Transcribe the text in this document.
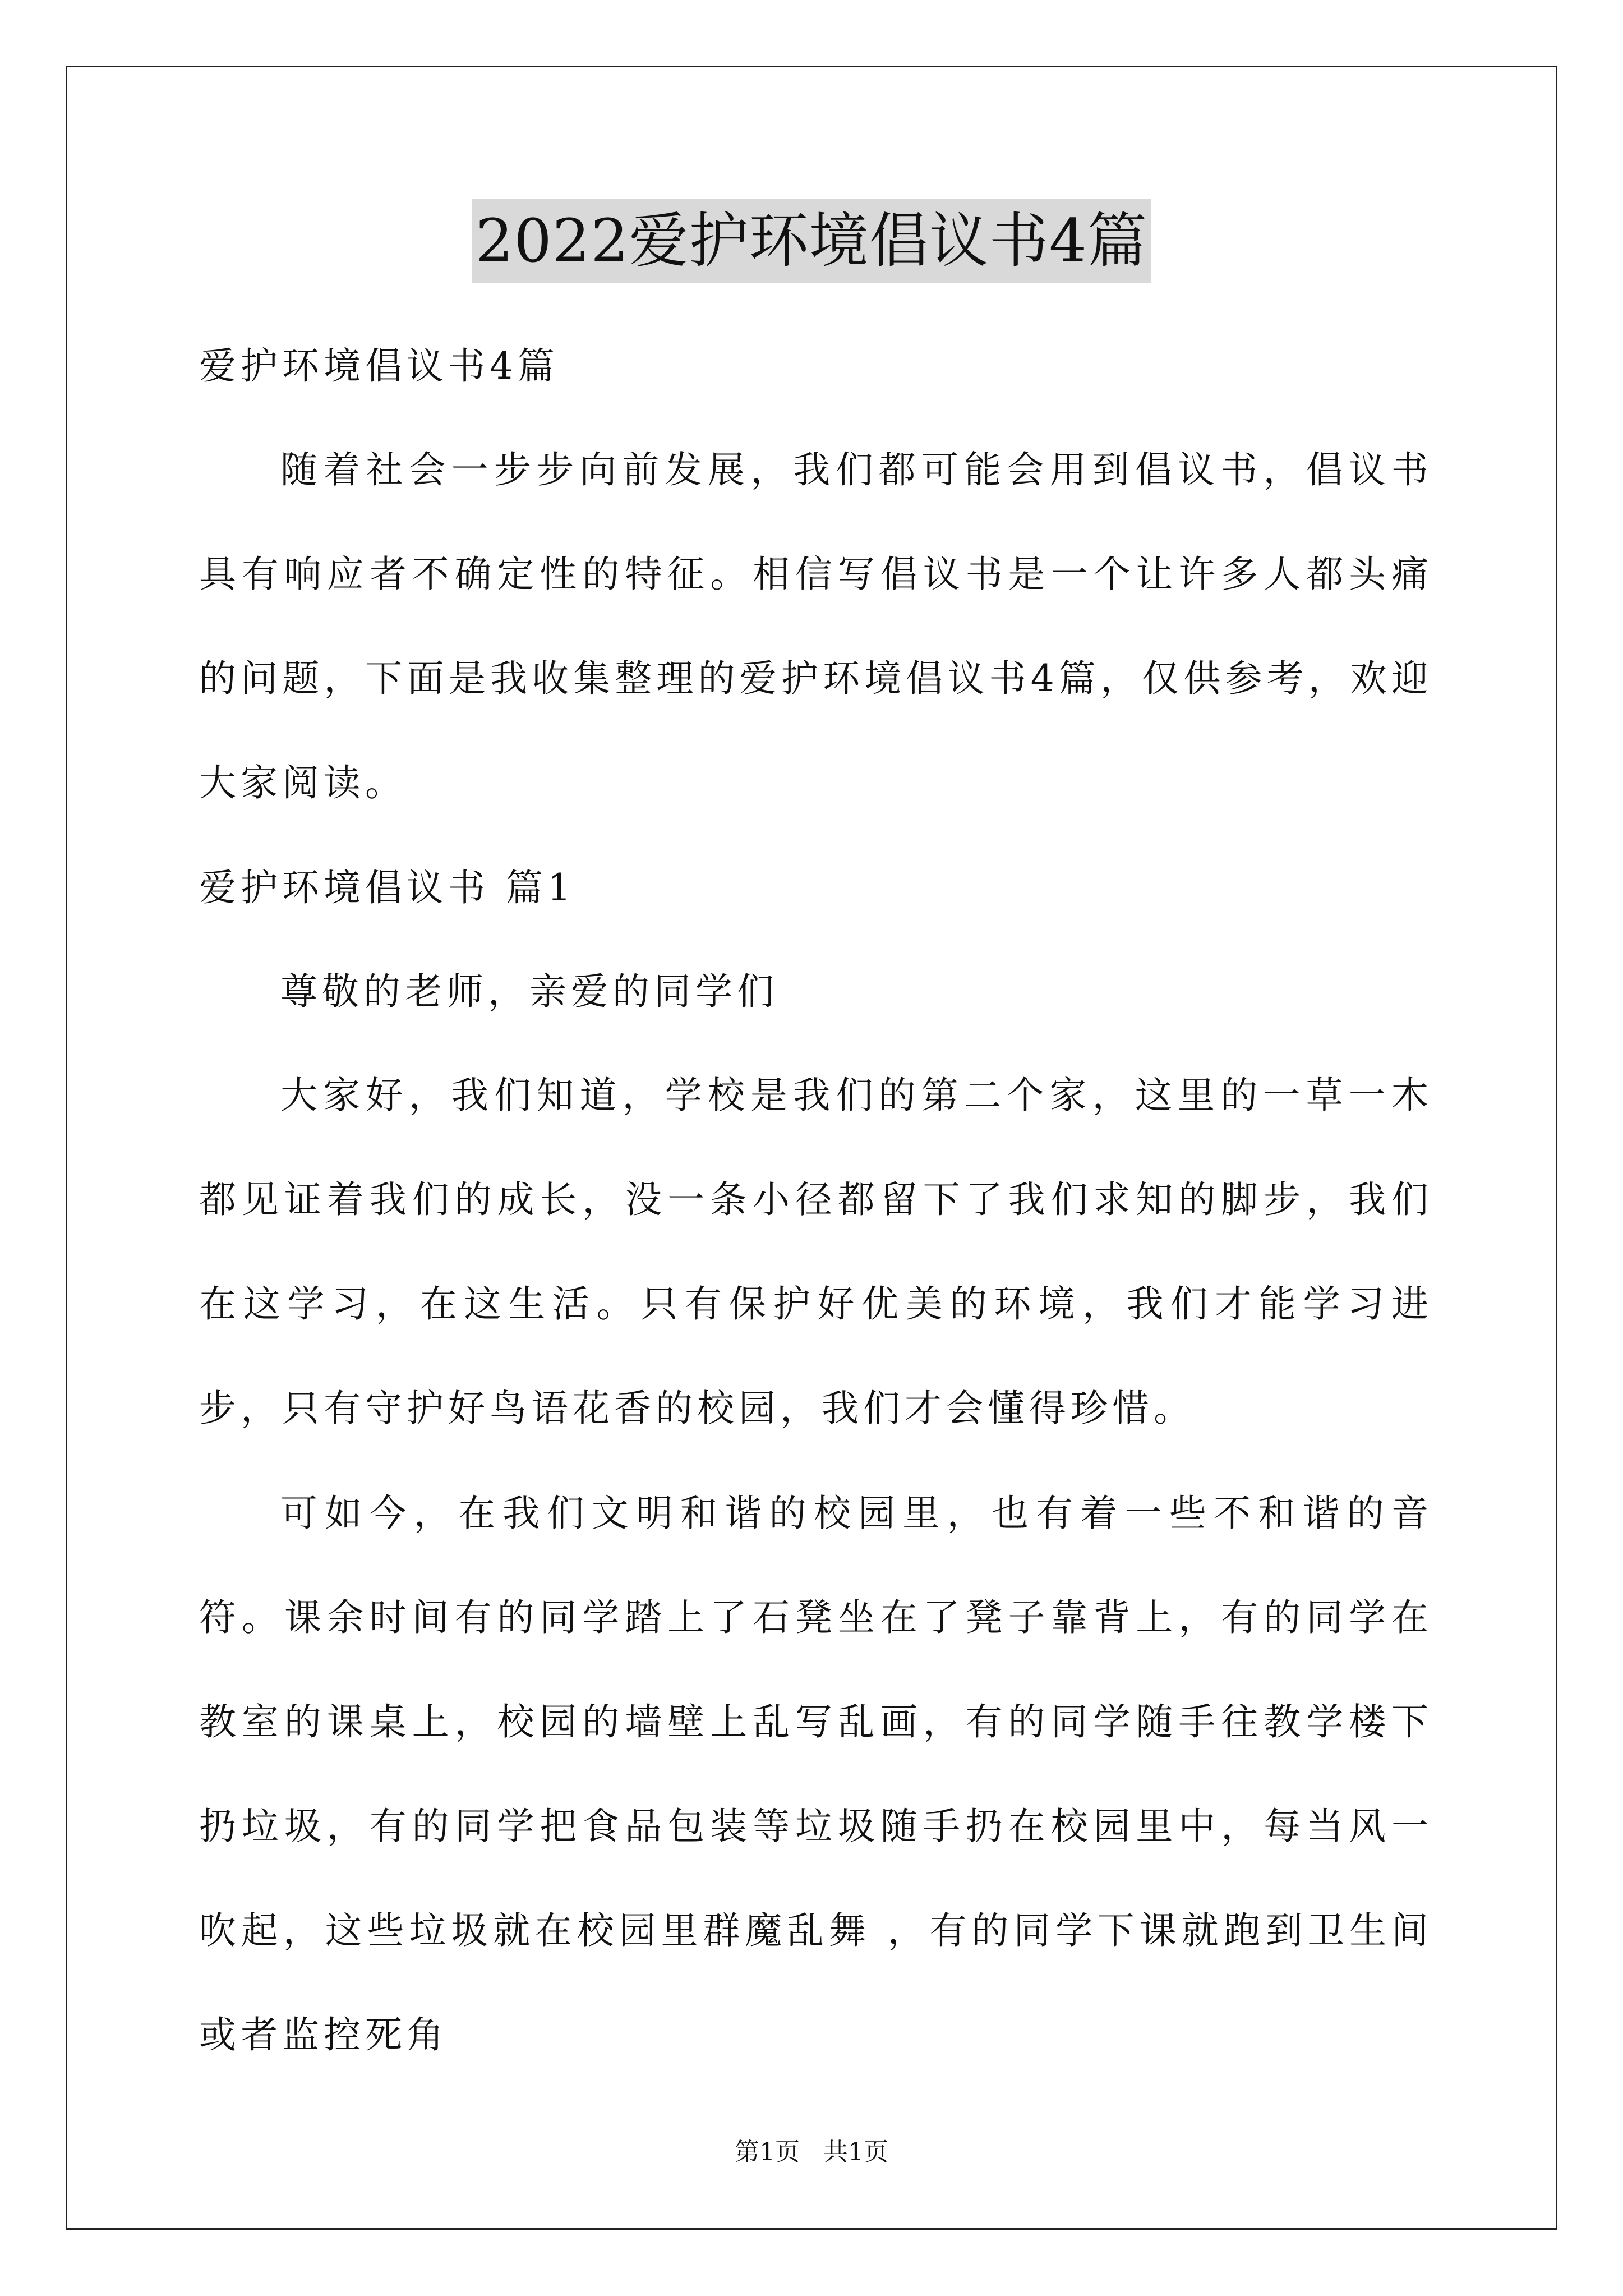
2022爱护环境倡议书4篇
爱护环境倡议书4篇
随着社会一步步向前发展，我们都可能会用到倡议书，倡议书具有响应者不确定性的特征。相信写倡议书是一个让许多人都头痛的问题，下面是我收集整理的爱护环境倡议书4篇，仅供参考，欢迎大家阅读。
爱护环境倡议书 篇1
尊敬的老师，亲爱的同学们
大家好，我们知道，学校是我们的第二个家，这里的一草一木都见证着我们的成长，没一条小径都留下了我们求知的脚步，我们在这学习，在这生活。只有保护好优美的环境，我们才能学习进步，只有守护好鸟语花香的校园，我们才会懂得珍惜。
可如今，在我们文明和谐的校园里，也有着一些不和谐的音符。课余时间有的同学踏上了石凳坐在了凳子靠背上，有的同学在教室的课桌上，校园的墙壁上乱写乱画，有的同学随手往教学楼下扔垃圾，有的同学把食品包装等垃圾随手扔在校园里中，每当风一吹起，这些垃圾就在校园里群魔乱舞 ，有的同学下课就跑到卫生间或者监控死角
第1页 共1页
